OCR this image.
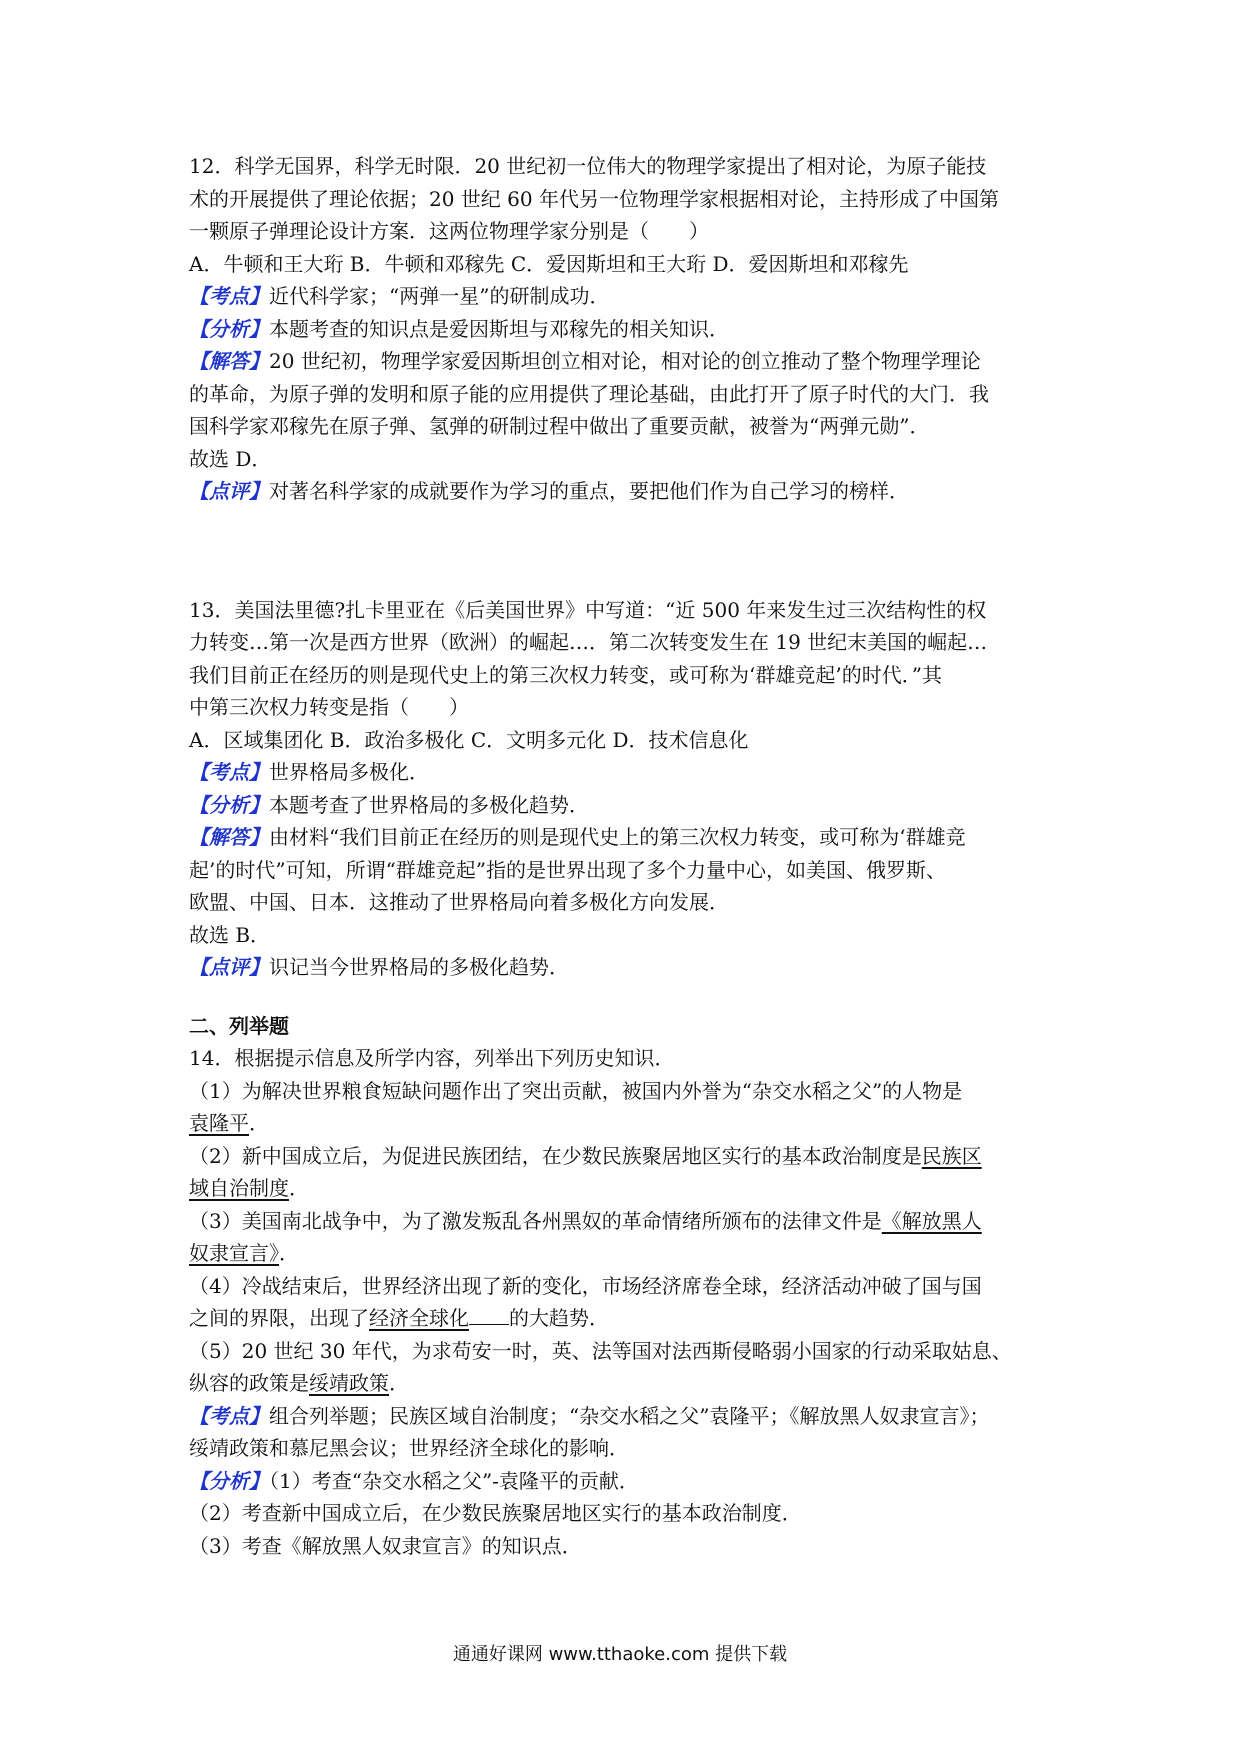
12．科学无国界，科学无时限．20 世纪初一位伟大的物理学家提出了相对论，为原子能技
术的开展提供了理论依据；20 世纪 60 年代另一位物理学家根据相对论，主持形成了中国第
一颗原子弹理论设计方案．这两位物理学家分别是（　　）
A．牛顿和王大珩 B．牛顿和邓稼先 C．爱因斯坦和王大珩 D．爱因斯坦和邓稼先
【考点】近代科学家；“两弹一星”的研制成功．
【分析】本题考查的知识点是爱因斯坦与邓稼先的相关知识．
【解答】20 世纪初，物理学家爱因斯坦创立相对论，相对论的创立推动了整个物理学理论
的革命，为原子弹的发明和原子能的应用提供了理论基础，由此打开了原子时代的大门．我
国科学家邓稼先在原子弹、氢弹的研制过程中做出了重要贡献，被誉为“两弹元勋”．
故选 D．
【点评】对著名科学家的成就要作为学习的重点，要把他们作为自己学习的榜样．
13．美国法里德?扎卡里亚在《后美国世界》中写道：“近 500 年来发生过三次结构性的权
力转变…第一次是西方世界（欧洲）的崛起…．第二次转变发生在 19 世纪末美国的崛起…
我们目前正在经历的则是现代史上的第三次权力转变，或可称为‘群雄竞起’的时代．”其
中第三次权力转变是指（　　）
A．区域集团化 B．政治多极化 C．文明多元化 D．技术信息化
【考点】世界格局多极化．
【分析】本题考查了世界格局的多极化趋势．
【解答】由材料“我们目前正在经历的则是现代史上的第三次权力转变，或可称为‘群雄竞
起’的时代”可知，所谓“群雄竞起”指的是世界出现了多个力量中心，如美国、俄罗斯、
欧盟、中国、日本．这推动了世界格局向着多极化方向发展．
故选 B．
【点评】识记当今世界格局的多极化趋势．
二、列举题
14．根据提示信息及所学内容，列举出下列历史知识．
（1）为解决世界粮食短缺问题作出了突出贡献，被国内外誉为“杂交水稻之父”的人物是
袁隆平．
（2）新中国成立后，为促进民族团结，在少数民族聚居地区实行的基本政治制度是民族区
域自治制度．
（3）美国南北战争中，为了激发叛乱各州黑奴的革命情绪所颁布的法律文件是《解放黑人
奴隶宣言》．
（4）冷战结束后，世界经济出现了新的变化，市场经济席卷全球，经济活动冲破了国与国
之间的界限，出现了经济全球化 的大趋势．
（5）20 世纪 30 年代，为求苟安一时，英、法等国对法西斯侵略弱小国家的行动采取姑息、
纵容的政策是绥靖政策．
【考点】组合列举题；民族区域自治制度；“杂交水稻之父”袁隆平；《解放黑人奴隶宣言》；
绥靖政策和慕尼黑会议；世界经济全球化的影响．
【分析】（1）考查“杂交水稻之父”-袁隆平的贡献．
（2）考查新中国成立后，在少数民族聚居地区实行的基本政治制度．
（3）考查《解放黑人奴隶宣言》的知识点．
通通好课网 www.tthaoke.com 提供下载
